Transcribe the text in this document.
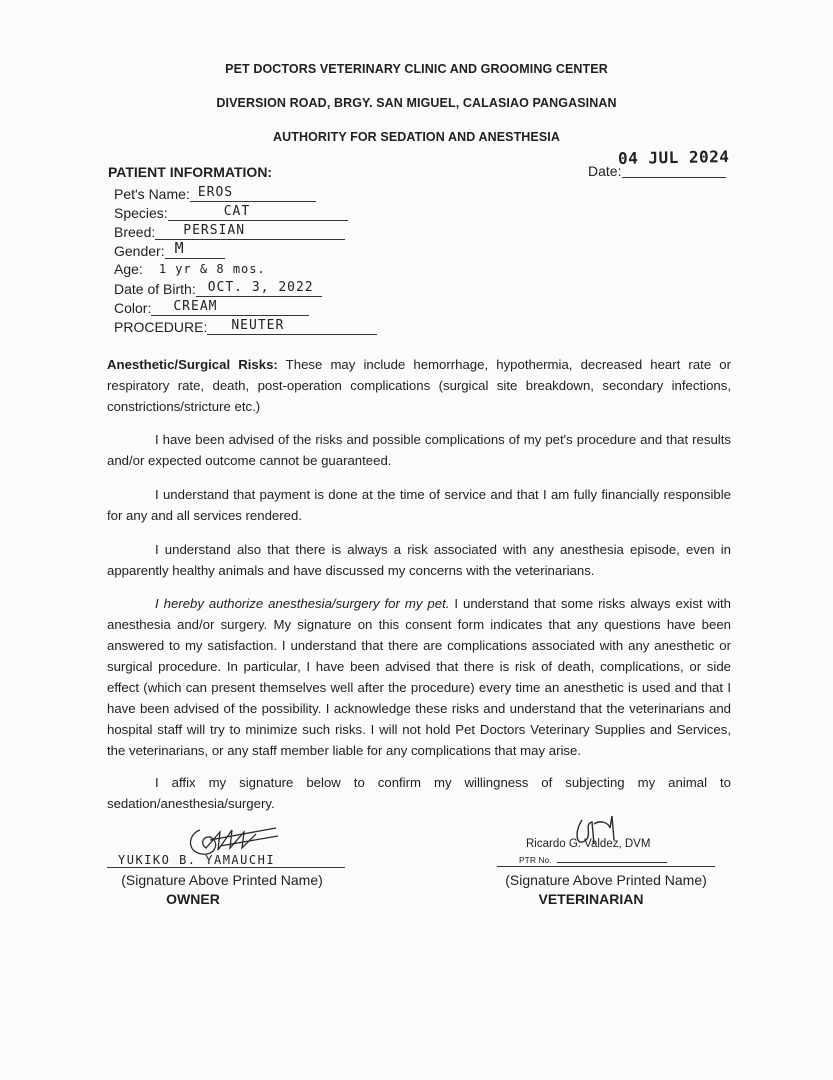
PET DOCTORS VETERINARY CLINIC AND GROOMING CENTER
DIVERSION ROAD, BRGY. SAN MIGUEL, CALASIAO PANGASINAN
AUTHORITY FOR SEDATION AND ANESTHESIA
04 JUL 2024
Date:
PATIENT INFORMATION:
Pet's Name: EROS
Species:	CAT
Breed: PERSIAN
Gender: M
Age: 1 yr & 8 mos.
Date of Birth: OCT. 3, 2022
Color: CREAM
PROCEDURE: NEUTER
Anesthetic/Surgical Risks: These may include hemorrhage, hypothermia, decreased heart rate or respiratory rate, death, post-operation complications (surgical site breakdown, secondary infections, constrictions/stricture etc.)
I have been advised of the risks and possible complications of my pet's procedure and that results and/or expected outcome cannot be guaranteed.
I understand that payment is done at the time of service and that I am fully financially responsible for any and all services rendered.
I understand also that there is always a risk associated with any anesthesia episode, even in apparently healthy animals and have discussed my concerns with the veterinarians.
I hereby authorize anesthesia/surgery for my pet. I understand that some risks always exist with anesthesia and/or surgery. My signature on this consent form indicates that any questions have been answered to my satisfaction. I understand that there are complications associated with any anesthetic or surgical procedure. In particular, I have been advised that there is risk of death, complications, or side effect (which can present themselves well after the procedure) every time an anesthetic is used and that I have been advised of the possibility. I acknowledge these risks and understand that the veterinarians and hospital staff will try to minimize such risks. I will not hold Pet Doctors Veterinary Supplies and Services, the veterinarians, or any staff member liable for any complications that may arise.
I affix my signature below to confirm my willingness of subjecting my animal to sedation/anesthesia/surgery.
YUKIKO B. YAMAUCHI
(Signature Above Printed Name)
OWNER
Ricardo G. Valdez, DVM
PTR No.
(Signature Above Printed Name)
VETERINARIAN
